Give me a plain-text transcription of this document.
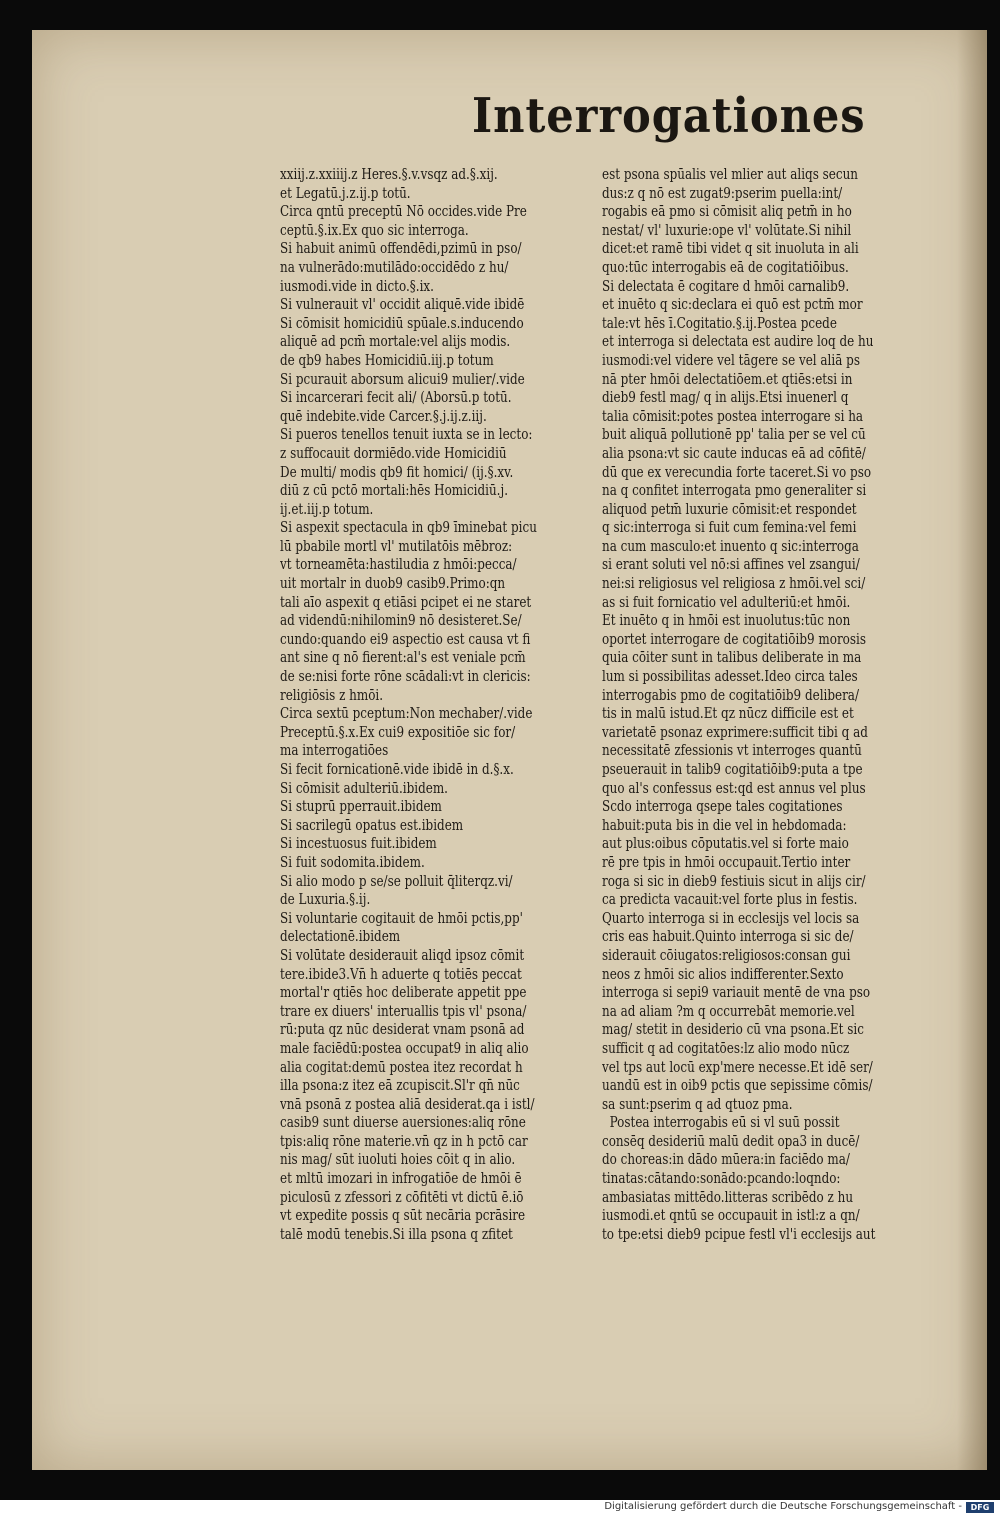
Interrogationes
xxiij.z.xxiiij.z Heres.§.v.vsqz ad.§.xij.
et Legatū.j.z.ij.p totū.
Circa qntū preceptū Nō occides.vide Pre
ceptū.§.ix.Ex quo sic interroga.
Si habuit animū offendēdi,pzimū in pso/
na vulnerādo:mutilādo:occidēdo z hu/
iusmodi.vide in dicto.§.ix.
Si vulnerauit vl' occidit aliquē.vide ibidē
Si cōmisit homicidiū spūale.s.inducendo
aliquē ad pcm̄ mortale:vel alijs modis.
de qb9 habes Homicidiū.iij.p totum
Si pcurauit aborsum alicui9 mulier/.vide
Si incarcerari fecit ali/ (Aborsū.p totū.
quē indebite.vide Carcer.§.j.ij.z.iij.
Si pueros tenellos tenuit iuxta se in lecto:
z suffocauit dormiēdo.vide Homicidiū
De multi/ modis qb9 fit homici/ (ij.§.xv.
diū z cū pctō mortali:hēs Homicidiū.j.
ij.et.iij.p totum.
Si aspexit spectacula in qb9 īminebat picu
lū pbabile mortl vl' mutilatōis mēbroz:
vt torneamēta:hastiludia z hmōi:pecca/
uit mortalr in duob9 casib9.Primo:qn
tali aīo aspexit q etiāsi pcipet ei ne staret
ad videndū:nihilomin9 nō desisteret.Se/
cundo:quando ei9 aspectio est causa vt fi
ant sine q nō fierent:al's est veniale pcm̄
de se:nisi forte rōne scādali:vt in clericis:
religiōsis z hmōi.
Circa sextū pceptum:Non mechaber/.vide
Preceptū.§.x.Ex cui9 expositiōe sic for/
ma interrogatiōes
Si fecit fornicationē.vide ibidē in d.§.x.
Si cōmisit adulteriū.ibidem.
Si stuprū pperrauit.ibidem
Si sacrilegū opatus est.ibidem
Si incestuosus fuit.ibidem
Si fuit sodomita.ibidem.
Si alio modo p se/se polluit q̄literqz.vi/
de Luxuria.§.ij.
Si voluntarie cogitauit de hmōi pctis,pp'
delectationē.ibidem
Si volūtate desiderauit aliqd ipsoz cōmit
tere.ibide3.Vn̄ h aduerte q totiēs peccat
mortal'r qtiēs hoc deliberate appetit ppe
trare ex diuers' interuallis tpis vl' psona/
rū:puta qz nūc desiderat vnam psonā ad
male faciēdū:postea occupat9 in aliq alio
alia cogitat:demū postea itez recordat h
illa psona:z itez eā zcupiscit.Sl'r qn̄ nūc
vnā psonā z postea aliā desiderat.qa i istl/
casib9 sunt diuerse auersiones:aliq rōne
tpis:aliq rōne materie.vn̄ qz in h pctō car
nis mag/ sūt iuoluti hoies cōit q in alio.
et mltū imozari in infrogatiōe de hmōi ē
piculosū z zfessori z cōfitēti vt dictū ē.iō
vt expedite possis q sūt necāria pcrāsire
talē modū tenebis.Si illa psona q zfitet
est psona spūalis vel mlier aut aliqs secun
dus:z q nō est zugat9:pserim puella:int/
rogabis eā pmo si cōmisit aliq petm̄ in ho
nestat/ vl' luxurie:ope vl' volūtate.Si nihil
dicet:et ramē tibi videt q sit inuoluta in ali
quo:tūc interrogabis eā de cogitatiōibus.
Si delectata ē cogitare d hmōi carnalib9.
et inuēto q sic:declara ei quō est pctm̄ mor
tale:vt hēs ī.Cogitatio.§.ij.Postea pcede
et interroga si delectata est audire loq de hu
iusmodi:vel videre vel tāgere se vel aliā ps
nā pter hmōi delectatiōem.et qtiēs:etsi in
dieb9 festl mag/ q in alijs.Etsi inuenerl q
talia cōmisit:potes postea interrogare si ha
buit aliquā pollutionē pp' talia per se vel cū
alia psona:vt sic caute inducas eā ad cōfitē/
dū que ex verecundia forte taceret.Si vo pso
na q confitet interrogata pmo generaliter si
aliquod petm̄ luxurie cōmisit:et respondet
q sic:interroga si fuit cum femina:vel femi
na cum masculo:et inuento q sic:interroga
si erant soluti vel nō:si affines vel zsangui/
nei:si religiosus vel religiosa z hmōi.vel sci/
as si fuit fornicatio vel adulteriū:et hmōi.
Et inuēto q in hmōi est inuolutus:tūc non
oportet interrogare de cogitatiōib9 morosis
quia cōiter sunt in talibus deliberate in ma
lum si possibilitas adesset.Ideo circa tales
interrogabis pmo de cogitatiōib9 delibera/
tis in malū istud.Et qz nūcz difficile est et
varietatē psonaz exprimere:sufficit tibi q ad
necessitatē zfessionis vt interroges quantū
pseuerauit in talib9 cogitatiōib9:puta a tpe
quo al's confessus est:qd est annus vel plus
Scdo interroga qsepe tales cogitationes
habuit:puta bis in die vel in hebdomada:
aut plus:oibus cōputatis.vel si forte maio
rē pre tpis in hmōi occupauit.Tertio inter
roga si sic in dieb9 festiuis sicut in alijs cir/
ca predicta vacauit:vel forte plus in festis.
Quarto interroga si in ecclesijs vel locis sa
cris eas habuit.Quinto interroga si sic de/
siderauit cōiugatos:religiosos:consan gui
neos z hmōi sic alios indifferenter.Sexto
interroga si sepi9 variauit mentē de vna pso
na ad aliam ?m q occurrebāt memorie.vel
mag/ stetit in desiderio cū vna psona.Et sic
sufficit q ad cogitatōes:lz alio modo nūcz
vel tps aut locū exp'mere necesse.Et idē ser/
uandū est in oib9 pctis que sepissime cōmis/
sa sunt:pserim q ad qtuoz pma.
Postea interrogabis eū si vl suū possit
consēq desideriū malū dedit opa3 in ducē/
do choreas:in dādo mūera:in faciēdo ma/
tinatas:cātando:sonādo:pcando:loqndo:
ambasiatas mittēdo.litteras scribēdo z hu
iusmodi.et qntū se occupauit in istl:z a qn/
to tpe:etsi dieb9 pcipue festl vl'i ecclesijs aut
Digitalisierung gefördert durch die Deutsche Forschungsgemeinschaft -	DFG
